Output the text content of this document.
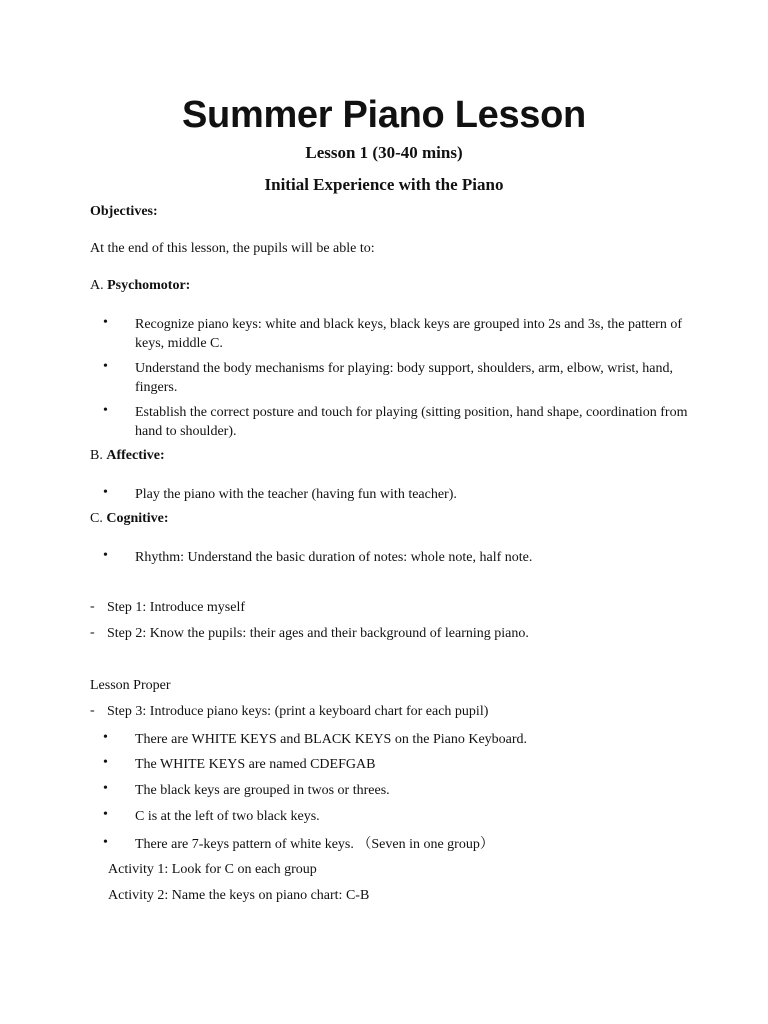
Summer Piano Lesson
Lesson 1 (30-40 mins)
Initial Experience with the Piano
Objectives:
At the end of this lesson, the pupils will be able to:
A. Psychomotor:
• Recognize piano keys: white and black keys, black keys are grouped into 2s and 3s, the pattern of keys, middle C.
• Understand the body mechanisms for playing: body support, shoulders, arm, elbow, wrist, hand, fingers.
• Establish the correct posture and touch for playing (sitting position, hand shape, coordination from hand to shoulder).
B. Affective:
• Play the piano with the teacher (having fun with teacher).
C. Cognitive:
• Rhythm: Understand the basic duration of notes: whole note, half note.
- Step 1: Introduce myself
- Step 2: Know the pupils: their ages and their background of learning piano.
Lesson Proper
- Step 3: Introduce piano keys: (print a keyboard chart for each pupil)
• There are WHITE KEYS and BLACK KEYS on the Piano Keyboard.
• The WHITE KEYS are named CDEFGAB
• The black keys are grouped in twos or threes.
• C is at the left of two black keys.
• There are 7-keys pattern of white keys. （Seven in one group）
Activity 1: Look for C on each group
Activity 2: Name the keys on piano chart: C-B
